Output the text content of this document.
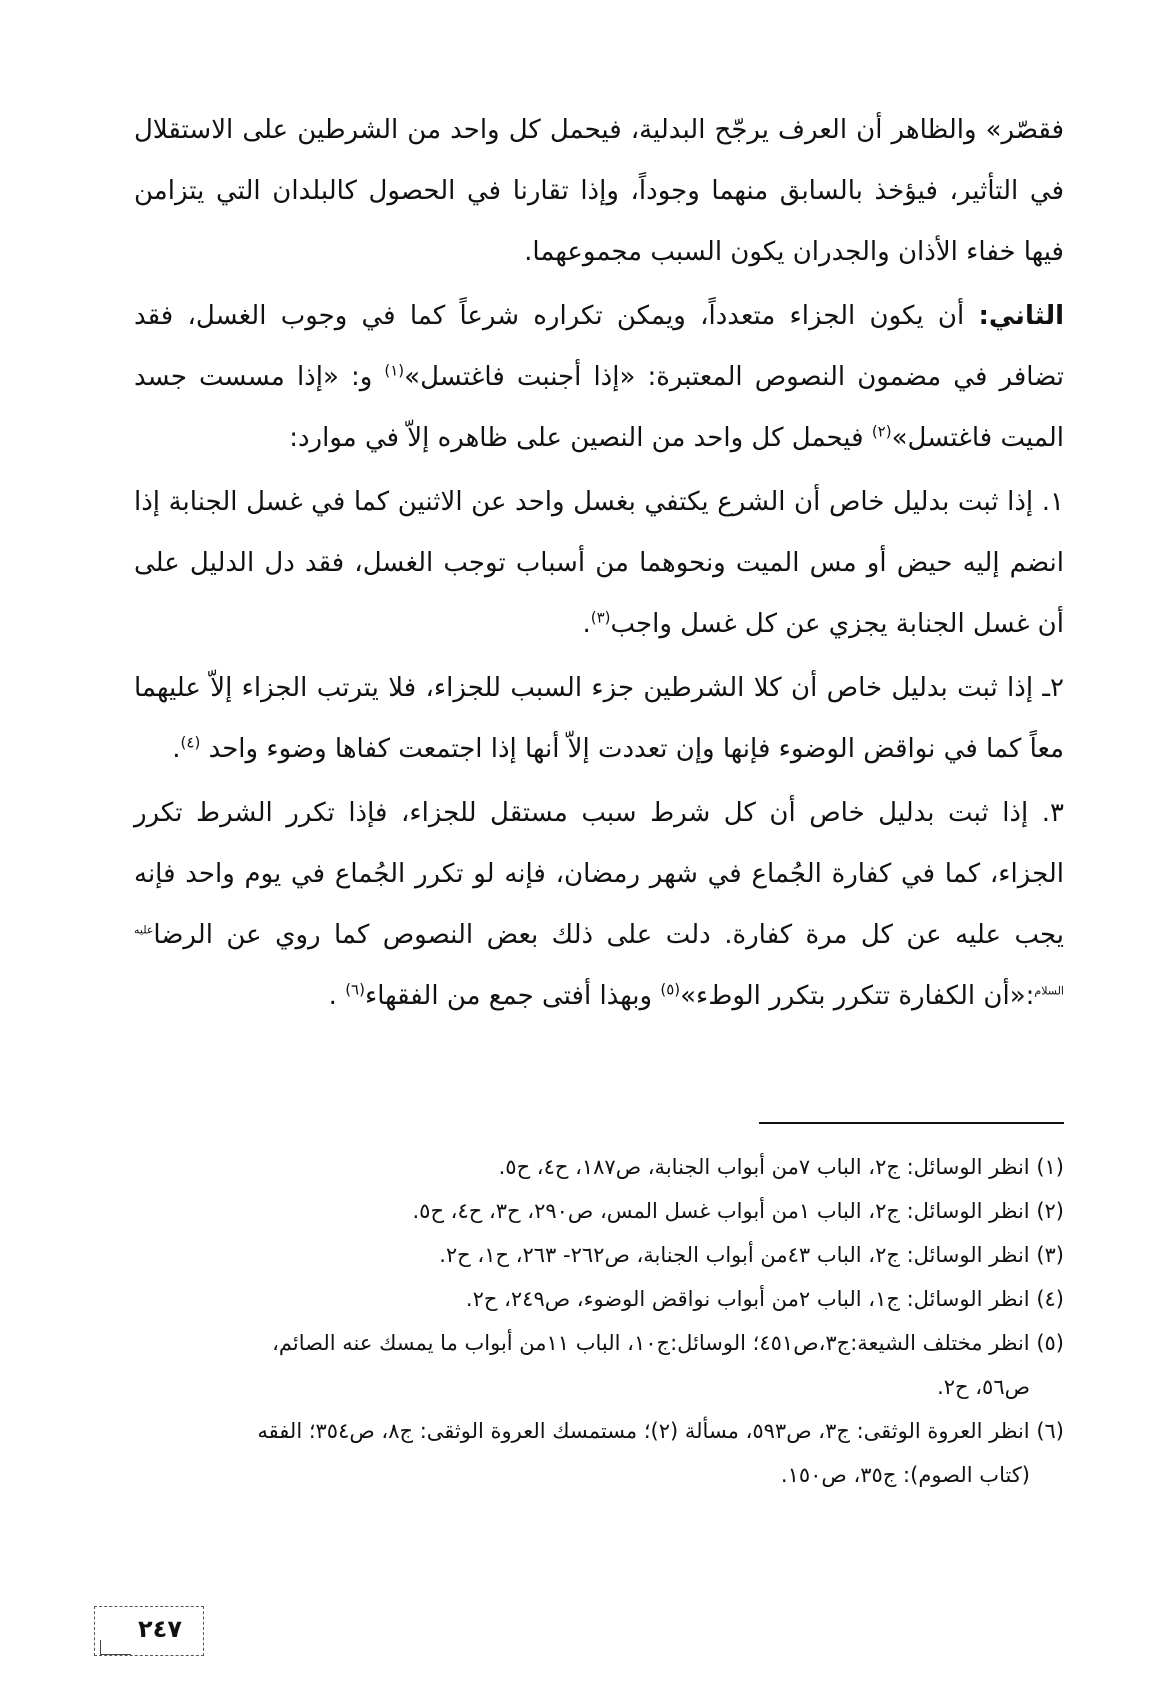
فقصّر» والظاهر أن العرف يرجّح البدلية، فيحمل كل واحد من الشرطين على الاستقلال في التأثير، فيؤخذ بالسابق منهما وجوداً، وإذا تقارنا في الحصول كالبلدان التي يتزامن فيها خفاء الأذان والجدران يكون السبب مجموعهما.

الثاني: أن يكون الجزاء متعدداً، ويمكن تكراره شرعاً كما في وجوب الغسل، فقد تضافر في مضمون النصوص المعتبرة: «إذا أجنبت فاغتسل»$^{(١)}$ و: «إذا مسست جسد الميت فاغتسل»$^{(٢)}$ فيحمل كل واحد من النصين على ظاهره إلاّ في موارد:

١. إذا ثبت بدليل خاص أن الشرع يكتفي بغسل واحد عن الاثنين كما في غسل الجنابة إذا انضم إليه حيض أو مس الميت ونحوهما من أسباب توجب الغسل، فقد دل الدليل على أن غسل الجنابة يجزي عن كل غسل واجب$^{(٣)}$.

٢ـ إذا ثبت بدليل خاص أن كلا الشرطين جزء السبب للجزاء، فلا يترتب الجزاء إلاّ عليهما معاً كما في نواقض الوضوء فإنها وإن تعددت إلاّ أنها إذا اجتمعت كفاها وضوء واحد $^{(٤)}$.

٣. إذا ثبت بدليل خاص أن كل شرط سبب مستقل للجزاء، فإذا تكرر الشرط تكرر الجزاء، كما في كفارة الجُماع في شهر رمضان، فإنه لو تكرر الجُماع في يوم واحد فإنه يجب عليه عن كل مرة كفارة. دلت على ذلك بعض النصوص كما روي عن الرضا$^{عليه السلام}$:«أن الكفارة تتكرر بتكرر الوطء»$^{(٥)}$ وبهذا أفتى جمع من الفقهاء$^{(٦)}$ .

(١) انظر الوسائل: ج٢، الباب ٧من أبواب الجنابة، ص١٨٧، ح٤، ح٥.

(٢) انظر الوسائل: ج٢، الباب ١من أبواب غسل المس، ص٢٩٠، ح٣، ح٤، ح٥.

(٣) انظر الوسائل: ج٢، الباب ٤٣من أبواب الجنابة، ص٢٦٢- ٢٦٣، ح١، ح٢.

(٤) انظر الوسائل: ج١، الباب ٢من أبواب نواقض الوضوء، ص٢٤٩، ح٢.

(٥) انظر مختلف الشيعة:ج٣،ص٤٥١؛ الوسائل:ج١٠، الباب ١١من أبواب ما يمسك عنه الصائم،
ص٥٦، ح٢.

(٦) انظر العروة الوثقى: ج٣، ص٥٩٣، مسألة (٢)؛ مستمسك العروة الوثقى: ج٨، ص٣٥٤؛ الفقه
(كتاب الصوم): ج٣٥، ص١٥٠.

٢٤٧
